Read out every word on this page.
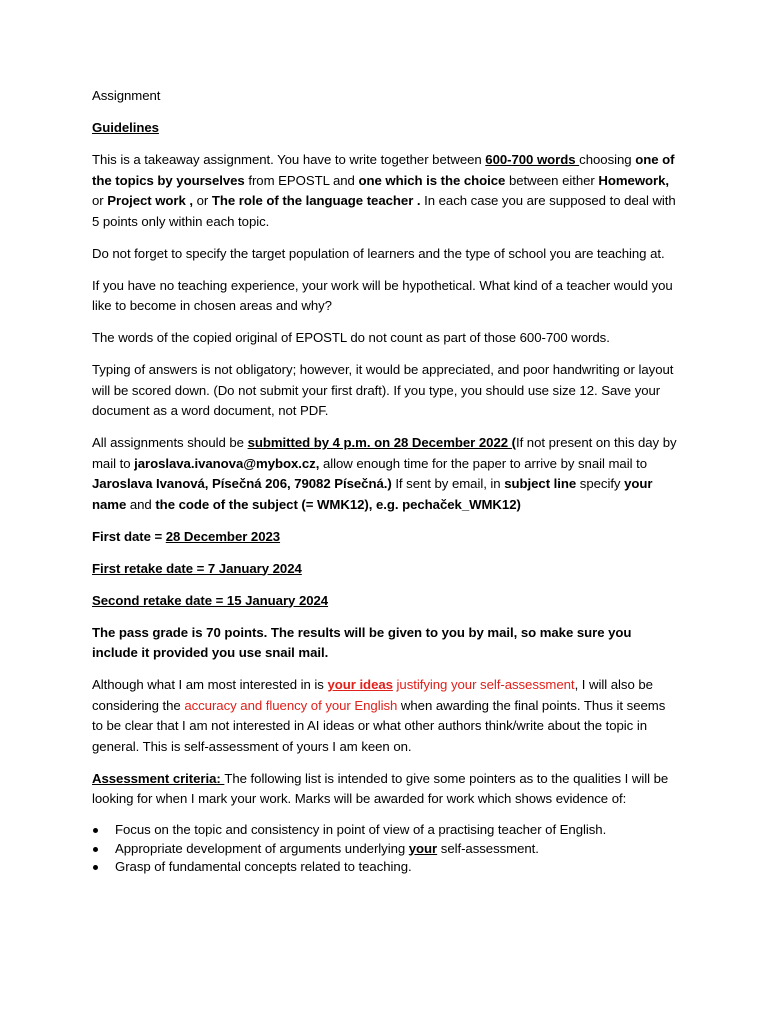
Assignment

Guidelines

This is a takeaway assignment. You have to write together between 600-700 words choosing one of the topics by yourselves from EPOSTL and one which is the choice between either Homework, or Project work , or The role of the language teacher . In each case you are supposed to deal with 5 points only within each topic.

Do not forget to specify the target population of learners and the type of school you are teaching at.

If you have no teaching experience, your work will be hypothetical. What kind of a teacher would you like to become in chosen areas and why?

The words of the copied original of EPOSTL do not count as part of those 600-700 words.

Typing of answers is not obligatory; however, it would be appreciated, and poor handwriting or layout will be scored down. (Do not submit your first draft). If you type, you should use size 12. Save your document as a word document, not PDF.

All assignments should be submitted by 4 p.m. on 28 December 2022 (If not present on this day by mail to jaroslava.ivanova@mybox.cz, allow enough time for the paper to arrive by snail mail to Jaroslava Ivanová, Písečná 206, 79082 Písečná.) If sent by email, in subject line specify your name and the code of the subject (= WMK12), e.g. pechaček_WMK12)

First date = 28 December 2023

First retake date = 7 January 2024

Second retake date = 15 January 2024

The pass grade is 70 points. The results will be given to you by mail, so make sure you include it provided you use snail mail.

Although what I am most interested in is your ideas justifying your self-assessment, I will also be considering the accuracy and fluency of your English when awarding the final points. Thus it seems to be clear that I am not interested in AI ideas or what other authors think/write about the topic in general. This is self-assessment of yours I am keen on.

Assessment criteria: The following list is intended to give some pointers as to the qualities I will be looking for when I mark your work. Marks will be awarded for work which shows evidence of:

Focus on the topic and consistency in point of view of a practising teacher of English.
Appropriate development of arguments underlying your self-assessment.
Grasp of fundamental concepts related to teaching.
